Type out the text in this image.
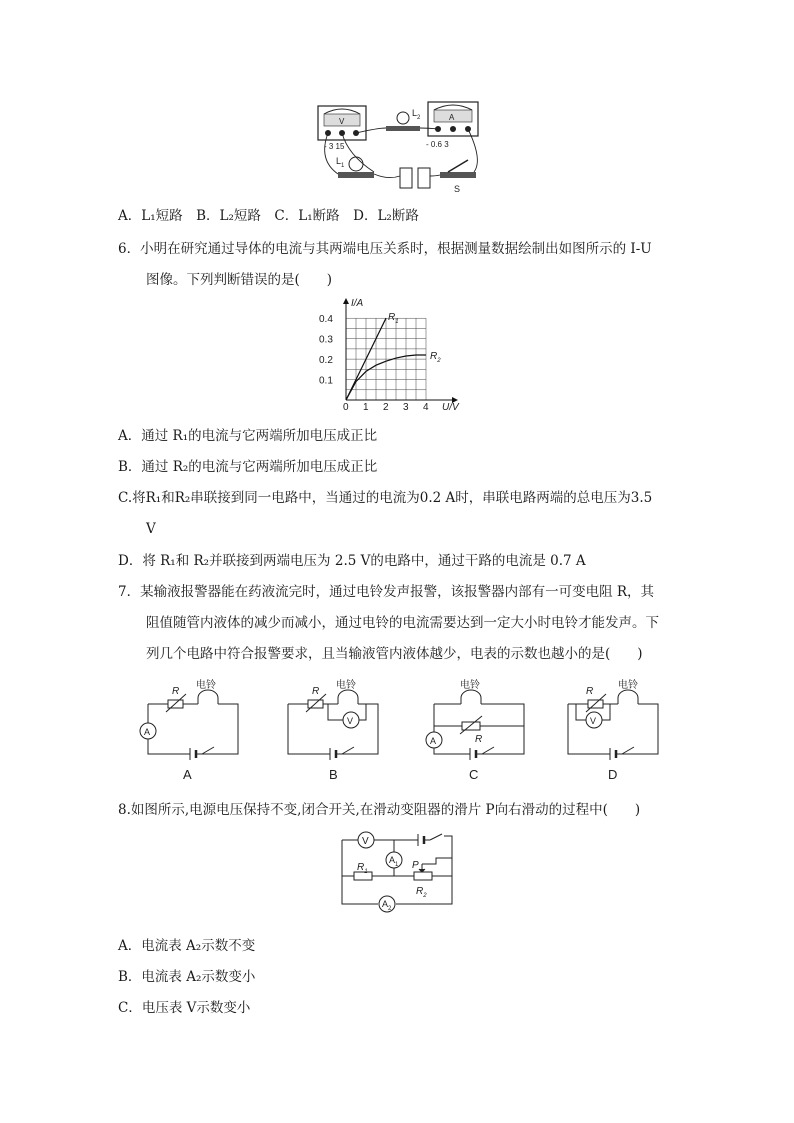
V
- 3 15
A
- 0.6 3
$L_2$
$L_1$
S
A．L₁短路　B．L₂短路　C．L₁断路　D．L₂断路
6．小明在研究通过导体的电流与其两端电压关系时，根据测量数据绘制出如图所示的 I-U
图像。下列判断错误的是(　　)
0 1 2 3 4
0.1
0.2
0.3
0.4
I/A
U/V
$R_1$
$R_2$
A．通过 R₁的电流与它两端所加电压成正比
B．通过 R₂的电流与它两端所加电压成正比
C.将R₁和R₂串联接到同一电路中，当通过的电流为0.2 A时，串联电路两端的总电压为3.5
V
D．将 R₁和 R₂并联接到两端电压为 2.5 V的电路中，通过干路的电流是 0.7 A
7．某输液报警器能在药液流完时，通过电铃发声报警，该报警器内部有一可变电阻 R，其
阻值随管内液体的减少而减小，通过电铃的电流需要达到一定大小时电铃才能发声。下
列几个电路中符合报警要求，且当输液管内液体越少，电表的示数也越小的是(　　)
R
电铃
A
A
R
电铃
V
B
电铃
R
A
C
R
电铃
V
D
8.如图所示,电源电压保持不变,闭合开关,在滑动变阻器的滑片 P向右滑动的过程中(　　)
V
$A_1$
$R_1$
P
$R_2$
$A_2$
A．电流表 A₂示数不变
B．电流表 A₂示数变小
C．电压表 V示数变小
